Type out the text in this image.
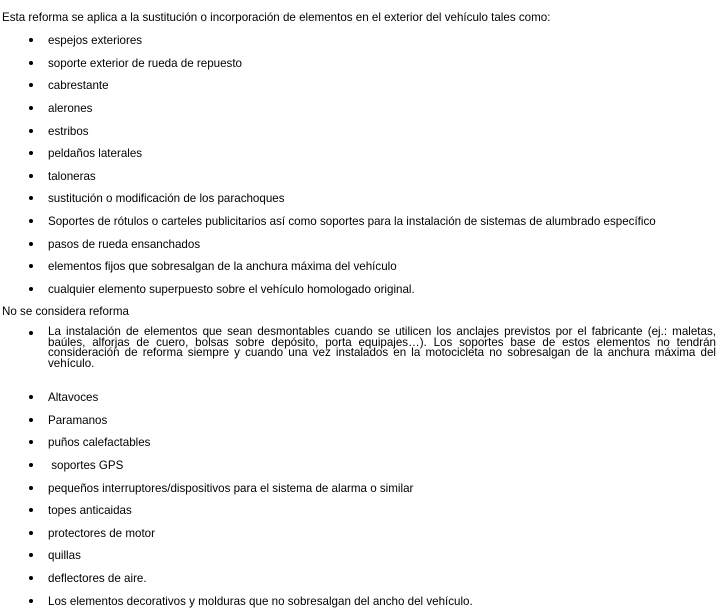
Esta reforma se aplica a la sustitución o incorporación de elementos en el exterior del vehículo tales como:
espejos exteriores
soporte exterior de rueda de repuesto
cabrestante
alerones
estribos
peldaños laterales
taloneras
sustitución o modificación de los parachoques
Soportes de rótulos o carteles publicitarios así como soportes para la instalación de sistemas de alumbrado específico
pasos de rueda ensanchados
elementos fijos que sobresalgan de la anchura máxima del vehículo
cualquier elemento superpuesto sobre el vehículo homologado original.
No se considera reforma
La instalación de elementos que sean desmontables cuando se utilicen los anclajes previstos por el fabricante (ej.: maletas, baúles, alforjas de cuero, bolsas sobre depósito, porta equipajes…). Los soportes base de estos elementos no tendrán consideración de reforma siempre y cuando una vez instalados en la motocicleta no sobresalgan de la anchura máxima del vehículo.
Altavoces
Paramanos
puños calefactables
soportes GPS
pequeños interruptores/dispositivos para el sistema de alarma o similar
topes anticaidas
protectores de motor
quillas
deflectores de aire.
Los elementos decorativos y molduras que no sobresalgan del ancho del vehículo.
